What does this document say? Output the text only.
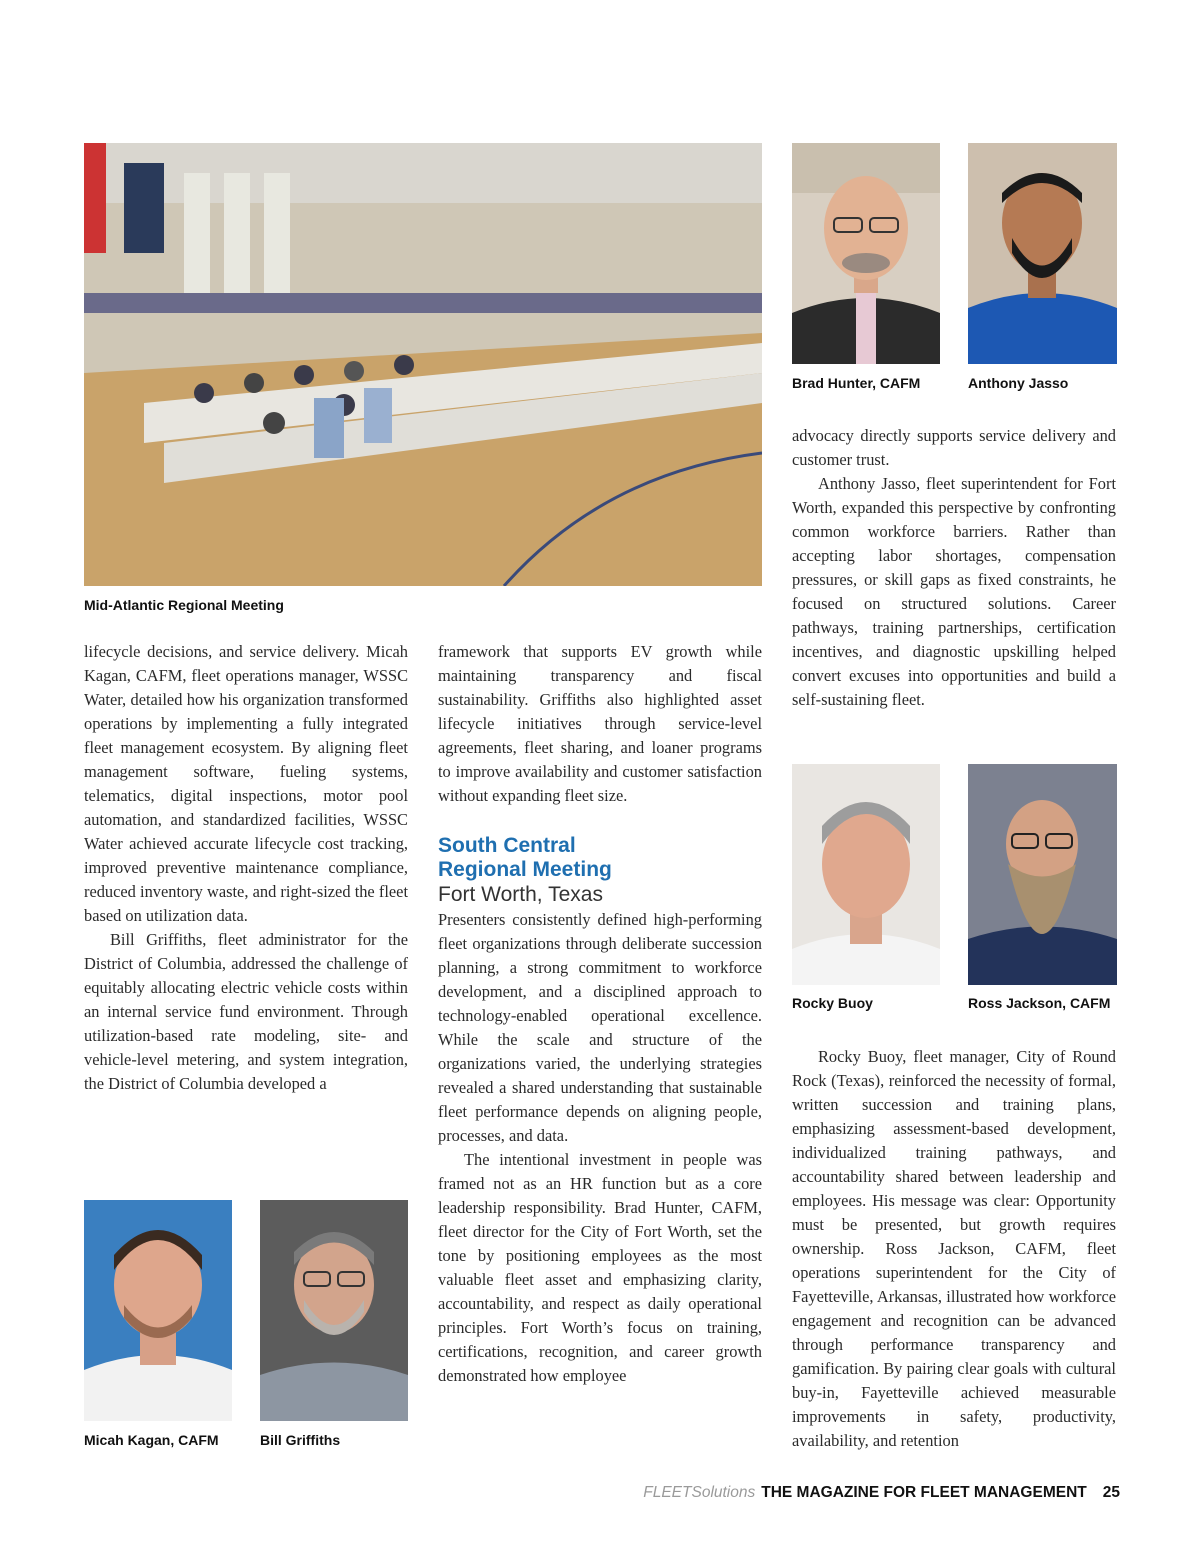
Mid-Atlantic Regional Meeting
Brad Hunter, CAFM	Anthony Jasso
Rocky Buoy	Ross Jackson, CAFM
Micah Kagan, CAFM	Bill Griffiths

lifecycle decisions, and service delivery. Micah Kagan, CAFM, fleet operations manager, WSSC Water, detailed how his organization transformed operations by implementing a fully integrated fleet management ecosystem. By aligning fleet management software, fueling systems, telematics, digital inspections, motor pool automation, and standardized facilities, WSSC Water achieved accurate lifecycle cost tracking, improved preventive maintenance compliance, reduced inventory waste, and right-sized the fleet based on utilization data.

Bill Griffiths, fleet administrator for the District of Columbia, addressed the challenge of equitably allocating electric vehicle costs within an internal service fund environment. Through utilization-based rate modeling, site- and vehicle-level metering, and system integration, the District of Columbia developed a

framework that supports EV growth while maintaining transparency and fiscal sustainability. Griffiths also highlighted asset lifecycle initiatives through service-level agreements, fleet sharing, and loaner programs to improve availability and customer satisfaction without expanding fleet size.

South Central
Regional Meeting
Fort Worth, Texas

Presenters consistently defined high-performing fleet organizations through deliberate succession planning, a strong commitment to workforce development, and a disciplined approach to technology-enabled operational excellence. While the scale and structure of the organizations varied, the underlying strategies revealed a shared understanding that sustainable fleet performance depends on aligning people, processes, and data.

The intentional investment in people was framed not as an HR function but as a core leadership responsibility. Brad Hunter, CAFM, fleet director for the City of Fort Worth, set the tone by positioning employees as the most valuable fleet asset and emphasizing clarity, accountability, and respect as daily operational principles. Fort Worth’s focus on training, certifications, recognition, and career growth demonstrated how employee

advocacy directly supports service delivery and customer trust.

Anthony Jasso, fleet superintendent for Fort Worth, expanded this perspective by confronting common workforce barriers. Rather than accepting labor shortages, compensation pressures, or skill gaps as fixed constraints, he focused on structured solutions. Career pathways, training partnerships, certification incentives, and diagnostic upskilling helped convert excuses into opportunities and build a self-sustaining fleet.

Rocky Buoy, fleet manager, City of Round Rock (Texas), reinforced the necessity of formal, written succession and training plans, emphasizing assessment-based development, individualized training pathways, and accountability shared between leadership and employees. His message was clear: Opportunity must be presented, but growth requires ownership. Ross Jackson, CAFM, fleet operations superintendent for the City of Fayetteville, Arkansas, illustrated how workforce engagement and recognition can be advanced through performance transparency and gamification. By pairing clear goals with cultural buy-in, Fayetteville achieved measurable improvements in safety, productivity, availability, and retention

FLEETSolutions THE MAGAZINE FOR FLEET MANAGEMENT 25
